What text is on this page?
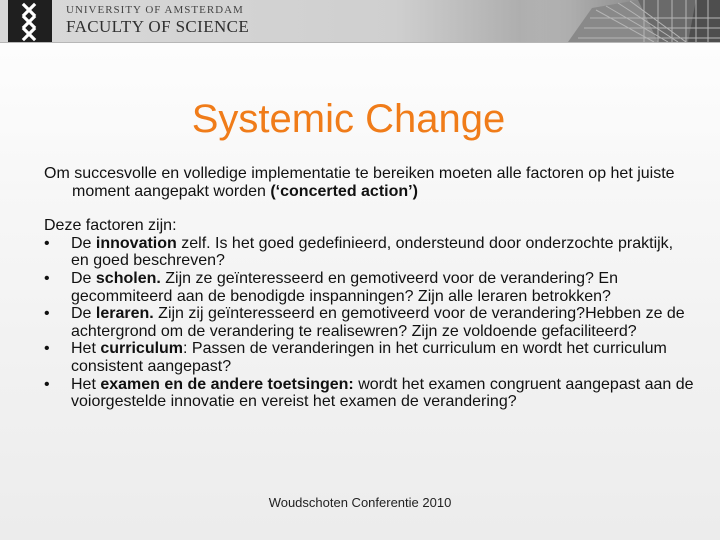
UNIVERSITY OF AMSTERDAM
FACULTY OF SCIENCE
Systemic Change

Om succesvolle en volledige implementatie te bereiken moeten alle factoren op het juiste moment aangepakt worden (‘concerted action’)

Deze factoren zijn:

• De innovation zelf. Is het goed gedefinieerd, ondersteund door onderzochte praktijk, en goed beschreven?
• De scholen. Zijn ze geïnteresseerd en gemotiveerd voor de verandering? En gecommiteerd aan de benodigde inspanningen? Zijn alle leraren betrokken?
• De leraren. Zijn zij geïnteresseerd en gemotiveerd voor de verandering?Hebben ze de achtergrond om de verandering te realisewren? Zijn ze voldoende gefaciliteerd?
• Het curriculum: Passen de veranderingen in het curriculum en wordt het curriculum consistent aangepast?
• Het examen en de andere toetsingen: wordt het examen congruent aangepast aan de voiorgestelde innovatie en vereist het examen de verandering?
Woudschoten Conferentie 2010
